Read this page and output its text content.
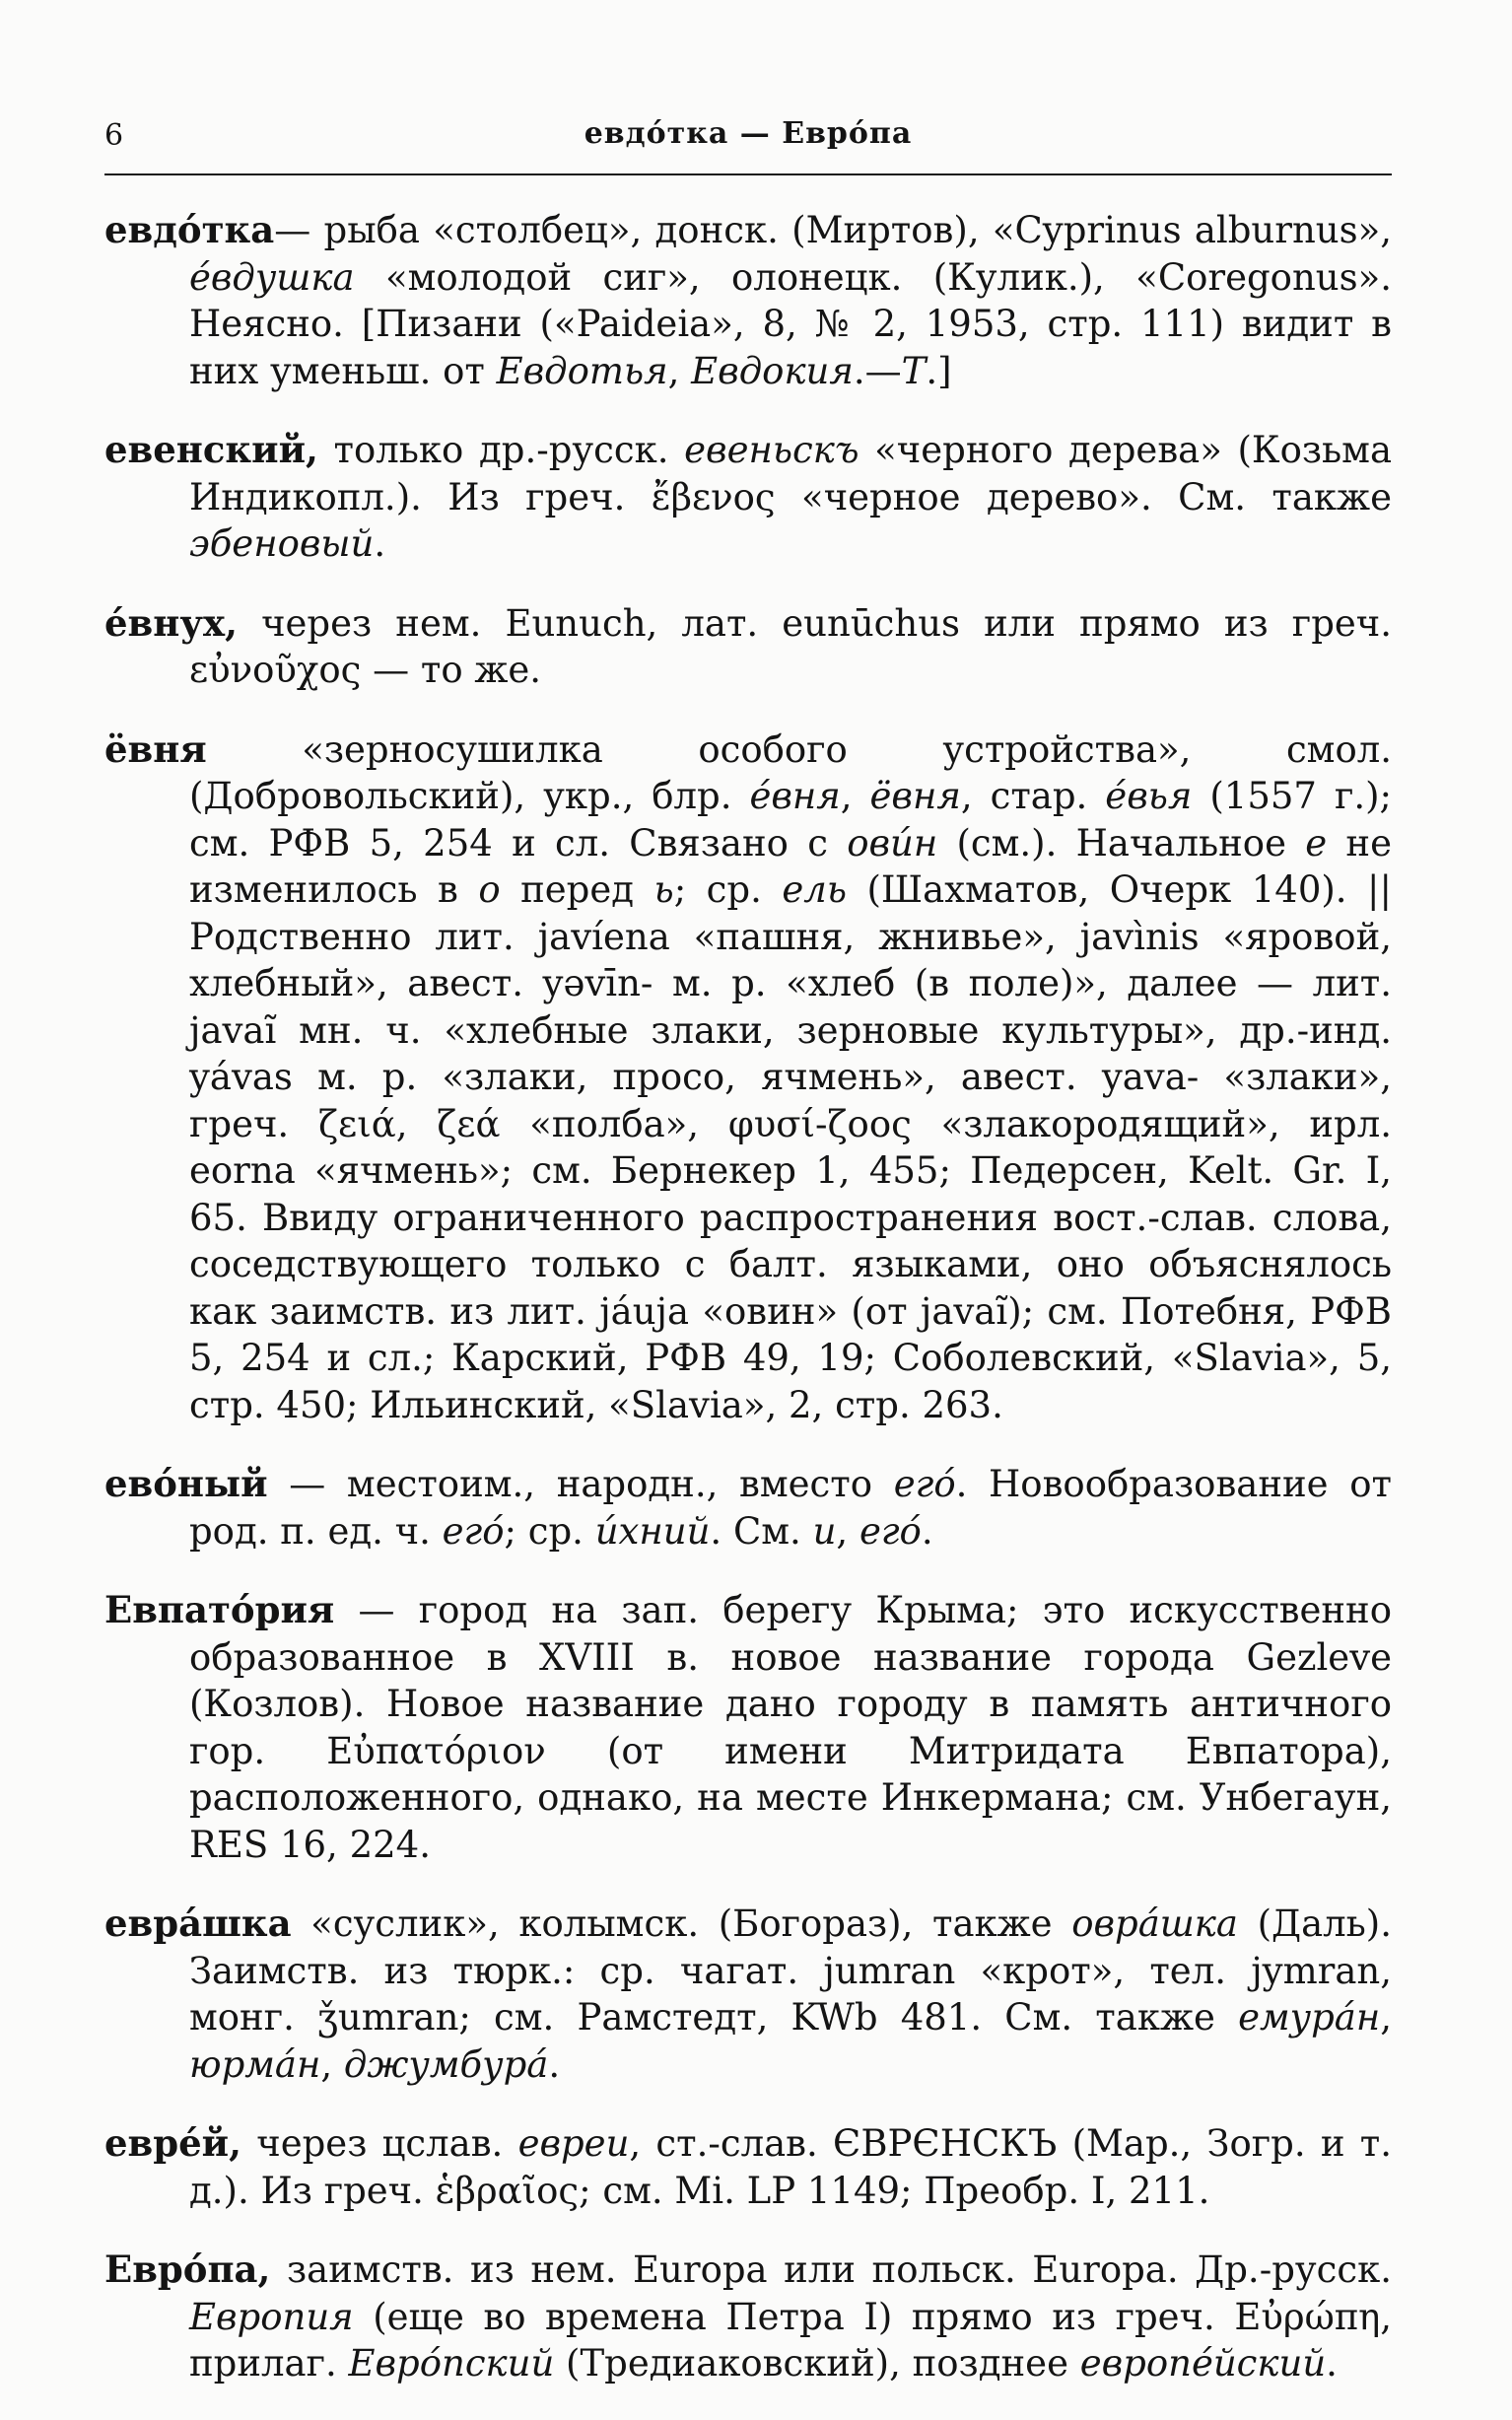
6	евдо́тка — Евро́па

евдо́тка— рыба «столбец», донск. (Миртов), «Cyprinus alburnus», е́вдушка «молодой сиг», олонецк. (Кулик.), «Coregonus». Неясно. [Пизани («Paideia», 8, № 2, 1953, стр. 111) видит в них уменьш. от Евдотья, Евдокия.—Т.]

евенский, только др.-русск. евеньскъ «черного дерева» (Козьма Индикопл.). Из греч. ἔβενος «черное дерево». См. также эбеновый.

е́внух, через нем. Eunuch, лат. eunūchus или прямо из греч. εὐνοῦχος — то же.

ёвня «зерносушилка особого устройства», смол. (Добровольский), укр., блр. е́вня, ёвня, стар. е́вья (1557 г.); см. РФВ 5, 254 и сл. Связано с ови́н (см.). Начальное е не изменилось в о перед ь; ср. ель (Шахматов, Очерк 140). || Родственно лит. javíena «пашня, жнивье», javìnis «яровой, хлебный», авест. yəvīn- м. р. «хлеб (в поле)», далее — лит. javaĩ мн. ч. «хлебные злаки, зерновые культуры», др.-инд. yávas м. р. «злаки, просо, ячмень», авест. yava- «злаки», греч. ζειά, ζεά «полба», φυσί-ζοος «злакородящий», ирл. eorna «ячмень»; см. Бернекер 1, 455; Педерсен, Kelt. Gr. I, 65. Ввиду ограниченного распространения вост.-слав. слова, соседствующего только с балт. языками, оно объяснялось как заимств. из лит. jáuja «овин» (от javaĩ); см. Потебня, РФВ 5, 254 и сл.; Карский, РФВ 49, 19; Соболевский, «Slavia», 5, стр. 450; Ильинский, «Slavia», 2, стр. 263.

ево́ный — местоим., народн., вместо его́. Новообразование от род. п. ед. ч. его́; ср. и́хний. См. и, его́.

Евпато́рия — город на зап. берегу Крыма; это искусственно образованное в XVIII в. новое название города Gezleve (Козлов). Новое название дано городу в память античного гор. Εὐπατόριον (от имени Митридата Евпатора), расположенного, однако, на месте Инкермана; см. Унбегаун, RES 16, 224.

евра́шка «суслик», колымск. (Богораз), также овра́шка (Даль). Заимств. из тюрк.: ср. чагат. jumran «крот», тел. jymran, монг. ǯumran; см. Рамстедт, KWb 481. См. также емура́н, юрма́н, джумбура́.

евре́й, через цслав. евреи, ст.-слав. ЄВРЄНСКЪ (Мар., Зогр. и т. д.). Из греч. ἑβραῖος; см. Mi. LP 1149; Преобр. I, 211.

Евро́па, заимств. из нем. Europa или польск. Europa. Др.-русск. Европия (еще во времена Петра I) прямо из греч. Εὐρώπη, прилаг. Евро́пский (Тредиаковский), позднее европе́йский.
